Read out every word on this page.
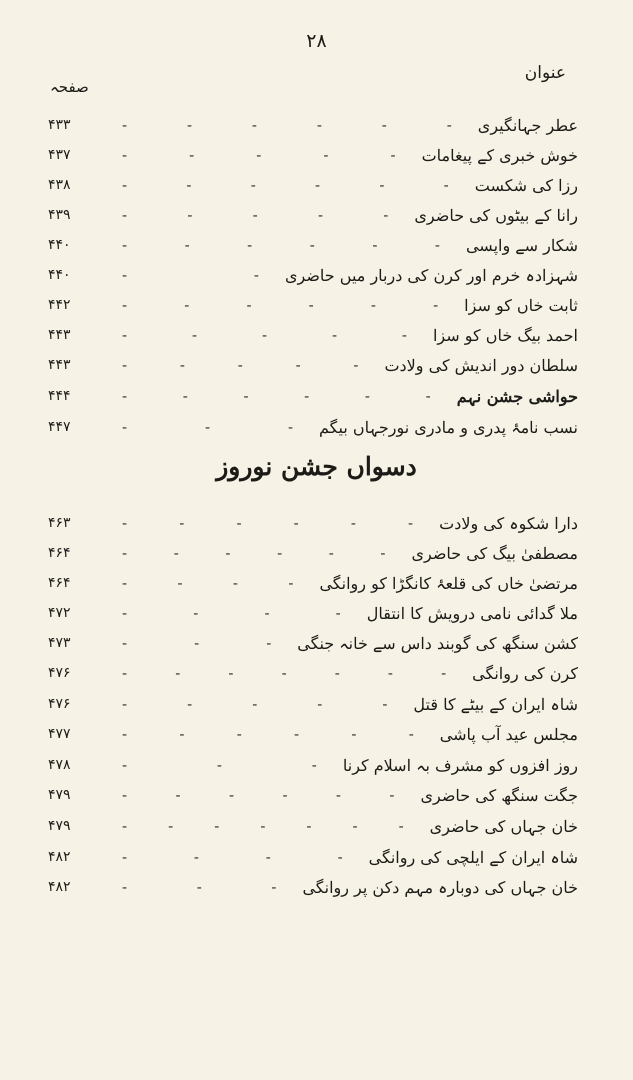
٢٨
عنوان
صفحہ
دسواں جشن نوروز
عطر جہانگیری
-
-
-
-
-
-
۴۳۳
خوش خبری کے پیغامات
-
-
-
-
-
۴۳۷
رزا کی شکست
-
-
-
-
-
-
۴۳۸
رانا کے بیٹوں کی حاضری
-
-
-
-
-
۴۳۹
شکار سے واپسی
-
-
-
-
-
-
۴۴۰
شہزادہ خرم اور کرن کی دربار میں حاضری
-
-
۴۴۰
ثابت خاں کو سزا
-
-
-
-
-
-
۴۴۲
احمد بیگ خاں کو سزا
-
-
-
-
-
۴۴۳
سلطان دور اندیش کی ولادت
-
-
-
-
-
۴۴۳
حواشی جشن نہم
-
-
-
-
-
-
۴۴۴
نسب نامۂ پدری و مادری نورجہاں بیگم
-
-
-
۴۴۷
دارا شکوہ کی ولادت
-
-
-
-
-
-
۴۶۳
مصطفیٰ بیگ کی حاضری
-
-
-
-
-
-
۴۶۴
مرتضیٰ خاں کی قلعۂ کانگڑا کو روانگی
-
-
-
-
۴۶۴
ملا گدائی نامی درویش کا انتقال
-
-
-
-
۴۷۲
کشن سنگھ کی گوبند داس سے خانہ جنگی
-
-
-
۴۷۳
کرن کی روانگی
-
-
-
-
-
-
-
۴۷۶
شاہ ایران کے بیٹے کا قتل
-
-
-
-
-
۴۷۶
مجلس عید آب پاشی
-
-
-
-
-
-
۴۷۷
روز افزوں کو مشرف بہ اسلام کرنا
-
-
-
۴۷۸
جگت سنگھ کی حاضری
-
-
-
-
-
-
۴۷۹
خان جہاں کی حاضری
-
-
-
-
-
-
-
۴۷۹
شاہ ایران کے ایلچی کی روانگی
-
-
-
-
۴۸۲
خان جہاں کی دوبارہ مہم دکن پر روانگی
-
-
-
۴۸۲
